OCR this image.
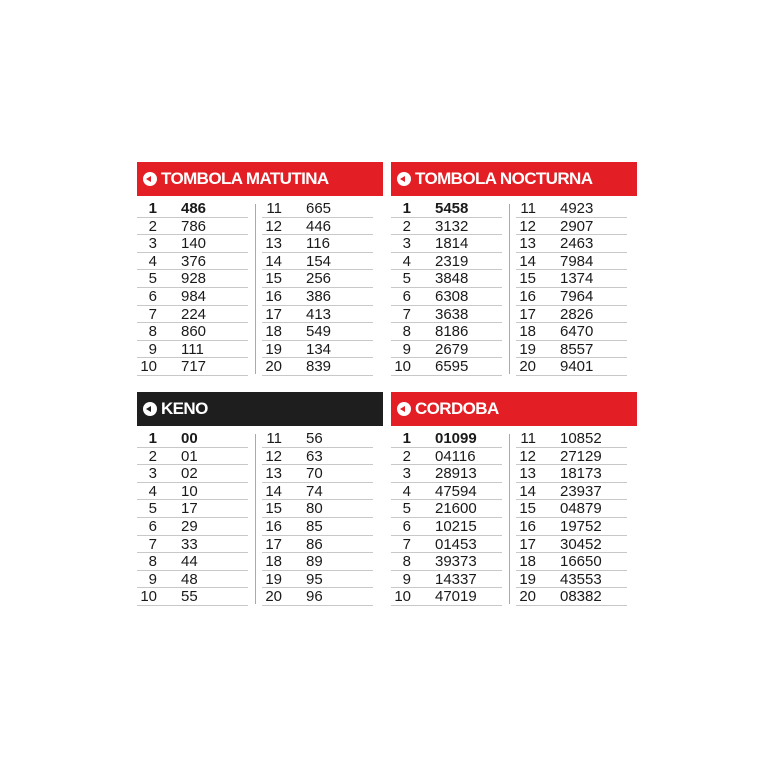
TOMBOLA MATUTINA
1 486
2 786
3 140
4 376
5 928
6 984
7 224
8 860
9 111
10 717
11 665
12 446
13 116
14 154
15 256
16 386
17 413
18 549
19 134
20 839
TOMBOLA NOCTURNA
1 5458
2 3132
3 1814
4 2319
5 3848
6 6308
7 3638
8 8186
9 2679
10 6595
11 4923
12 2907
13 2463
14 7984
15 1374
16 7964
17 2826
18 6470
19 8557
20 9401
KENO
1 00
2 01
3 02
4 10
5 17
6 29
7 33
8 44
9 48
10 55
11 56
12 63
13 70
14 74
15 80
16 85
17 86
18 89
19 95
20 96
CORDOBA
1 01099
2 04116
3 28913
4 47594
5 21600
6 10215
7 01453
8 39373
9 14337
10 47019
11 10852
12 27129
13 18173
14 23937
15 04879
16 19752
17 30452
18 16650
19 43553
20 08382
